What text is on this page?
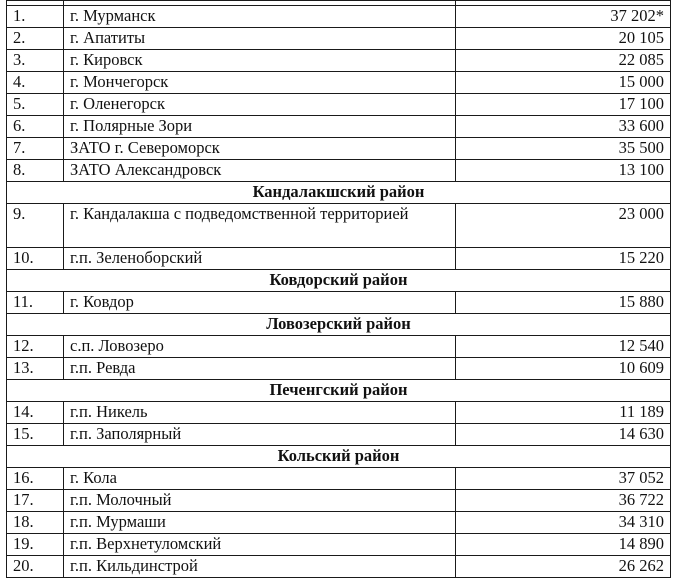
1.	г. Мурманск	37 202*
2.	г. Апатиты	20 105
3.	г. Кировск	22 085
4.	г. Мончегорск	15 000
5.	г. Оленегорск	17 100
6.	г. Полярные Зори	33 600
7.	ЗАТО г. Североморск	35 500
8.	ЗАТО Александровск	13 100
Кандалакшский район		
9.	г. Кандалакша с подведомственной территорией	23 000
10.	г.п. Зеленоборский	15 220
Ковдорский район		
11.	г. Ковдор	15 880
Ловозерский район		
12.	с.п. Ловозеро	12 540
13.	г.п. Ревда	10 609
Печенгский район		
14.	г.п. Никель	11 189
15.	г.п. Заполярный	14 630
Кольский район		
16.	г. Кола	37 052
17.	г.п. Молочный	36 722
18.	г.п. Мурмаши	34 310
19.	г.п. Верхнетуломский	14 890
20.	г.п. Кильдинстрой	26 262
